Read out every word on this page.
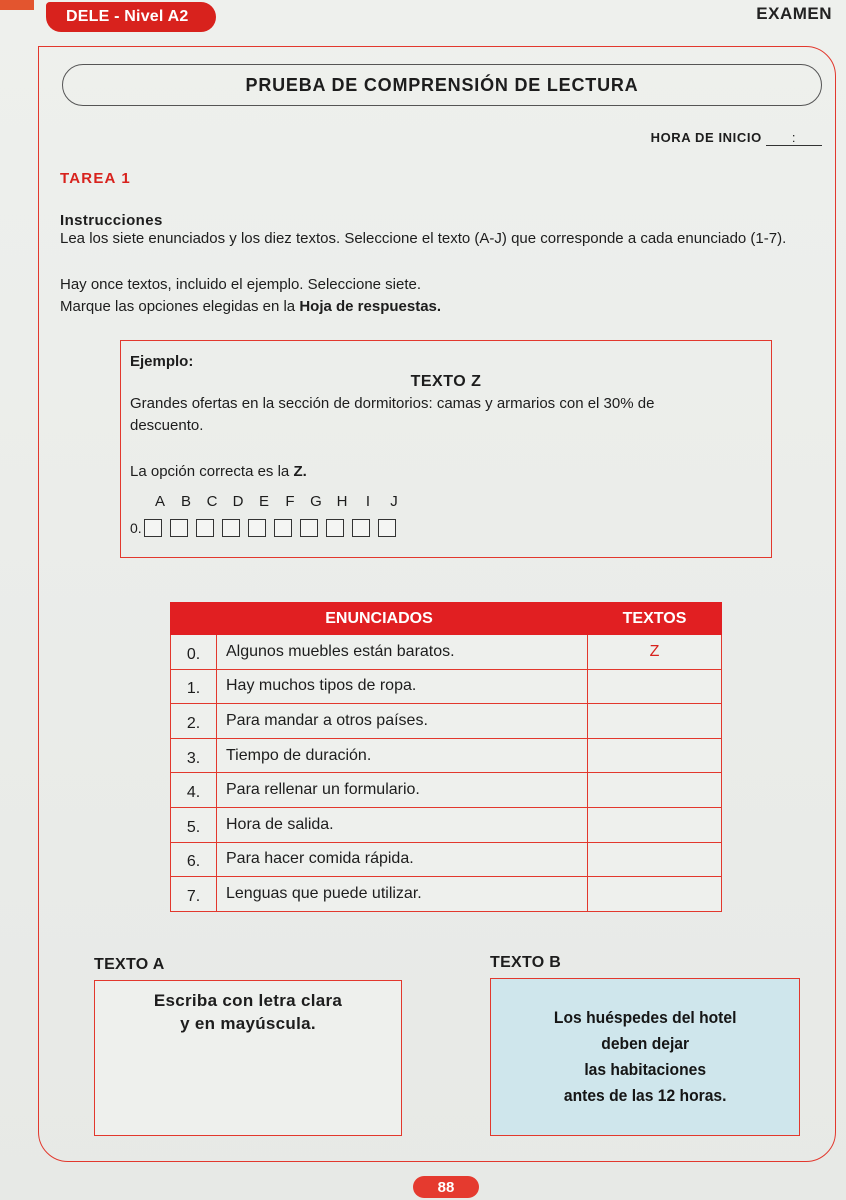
DELE - Nivel A2	EXAMEN
PRUEBA DE COMPRENSIÓN DE LECTURA
HORA DE INICIO :
TAREA 1
Instrucciones
Lea los siete enunciados y los diez textos. Seleccione el texto (A-J) que corresponde a cada enunciado (1-7).
Hay once textos, incluido el ejemplo. Seleccione siete.
Marque las opciones elegidas en la Hoja de respuestas.
Ejemplo:
TEXTO Z
Grandes ofertas en la sección de dormitorios: camas y armarios con el 30% de descuento.
La opción correcta es la Z.
A	B	C	D	E	F	G H	I	J
0.
ENUNCIADOS		TEXTOS
0.	Algunos muebles están baratos.	Z
1.	Hay muchos tipos de ropa.	
2.	Para mandar a otros países.	
3.	Tiempo de duración.	
4.	Para rellenar un formulario.	
5.	Hora de salida.	
6.	Para hacer comida rápida.	
7.	Lenguas que puede utilizar.	
TEXTO A
Escriba con letra clara
y en mayúscula.
TEXTO B
Los huéspedes del hotel
deben dejar
las habitaciones
antes de las 12 horas.
88
